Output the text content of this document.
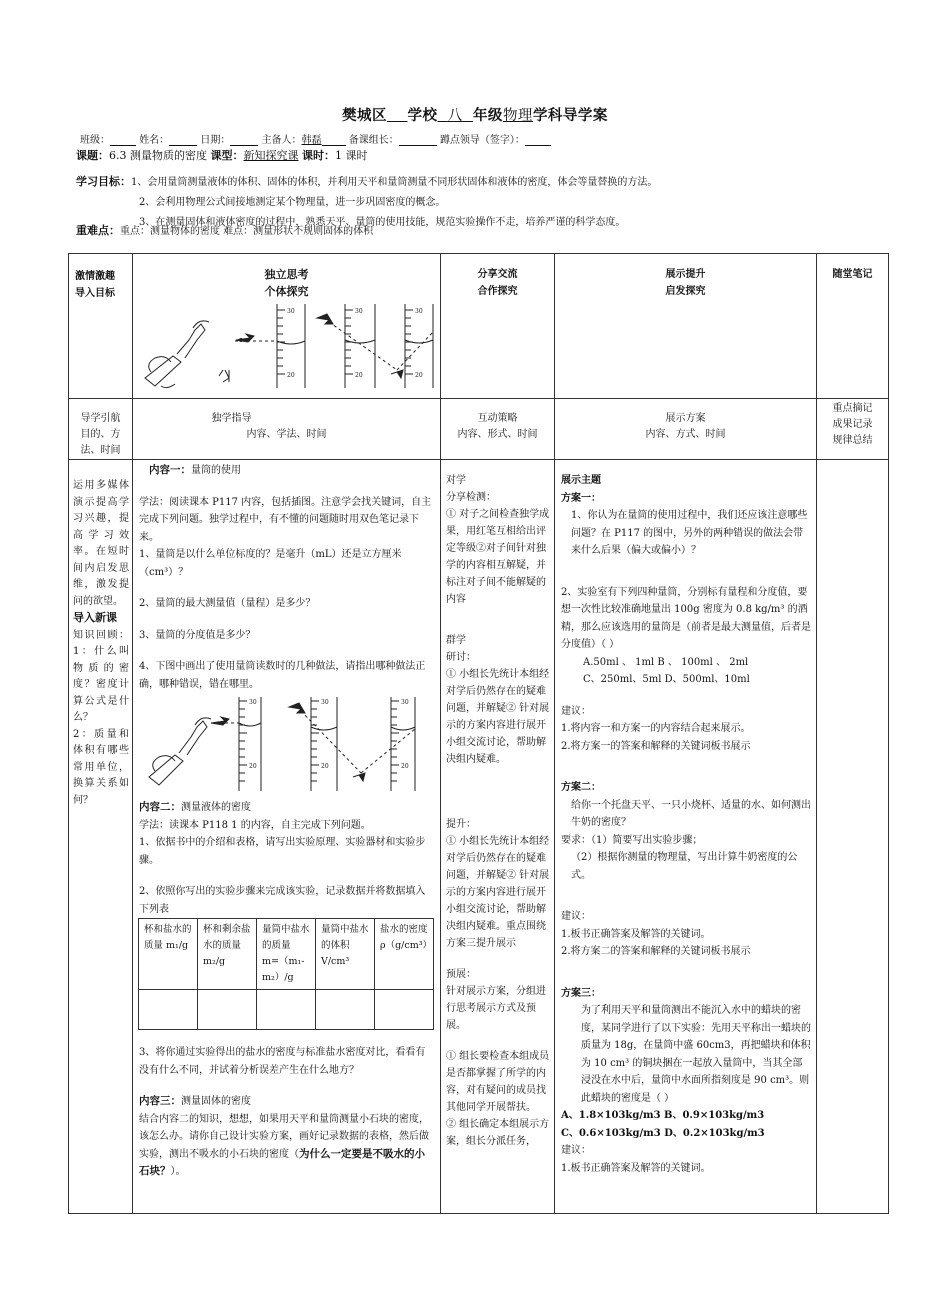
樊城区 学校 八 年级物理学科导学案
班级：	姓名：	日期：	主备人：韩磊	备课组长：	蹲点领导（签字）：
课题：6.3 测量物质的密度 课型：新知探究课 课时：1 课时
学习目标：1、会用量筒测量液体的体积、固体的体积，并利用天平和量筒测量不同形状固体和液体的密度，体会等量替换的方法。
2、会利用物理公式间接地测定某个物理量，进一步巩固密度的概念。
3、在测量固体和液体密度的过程中，熟悉天平、量筒的使用技能，规范实验操作不走，培养严谨的科学态度。
重难点：重点：测量物体的密度 难点：测量形状不规则固体的体积
激情激趣
导入目标

独立思考
个体探究
30
20
30
20
30
20

分享交流
合作探究

展示提升
启发探究

随堂笔记

导学引航
目的、方
法、时间

独学指导
内容、学法、时间

互动策略
内容、形式、时间

展示方案
内容、方式、时间

重点摘记
成果记录
规律总结

运用多媒体演示提高学习兴趣，提高学习效率。在短时间内启发思维，激发提问的欲望。
导入新课
知识回顾：1：什么叫物质的密度？密度计算公式是什么？
2：质量和体积有哪些常用单位，换算关系如何？

内容一：量筒的使用
学法：阅读课本 P117 内容，包括插图。注意学会找关键词，自主完成下列问题。独学过程中，有不懂的问题随时用双色笔记录下来。
1、量筒是以什么单位标度的？是毫升（mL）还是立方厘米（cm³）？
2、量筒的最大测量值（量程）是多少？
3、量筒的分度值是多少？
4、下图中画出了使用量筒读数时的几种做法，请指出哪种做法正确，哪种错误，错在哪里。
30
20
30
20
30
20
内容二：测量液体的密度
学法：读课本 P118 1 的内容，自主完成下列问题。
1、依据书中的介绍和表格，请写出实验原理、实验器材和实验步骤。
2、依照你写出的实验步骤来完成该实验，记录数据并将数据填入下列表
杯和盐水的质量 m₁/g	杯和剩余盐水的质量 m₂/g	量筒中盐水的质量 m=（m₁-m₂）/g	量筒中盐水的体积 V/cm³	盐水的密度 ρ（g/cm³）

3、将你通过实验得出的盐水的密度与标准盐水密度对比，看看有没有什么不同，并试着分析误差产生在什么地方？
内容三：测量固体的密度
结合内容二的知识，想想，如果用天平和量筒测量小石块的密度，该怎么办。请你自己设计实验方案，画好记录数据的表格，然后做实验，测出不吸水的小石块的密度（为什么一定要是不吸水的小石块？）。

对学
分享检测：
① 对子之间检查独学成果，用红笔互相给出评定等级②对子间针对独学的内容相互解疑，并标注对子间不能解疑的内容
群学
研讨：
① 小组长先统计本组经对学后仍然存在的疑难问题，并解疑② 针对展示的方案内容进行展开小组交流讨论，帮助解决组内疑难。
提升：
① 小组长先统计本组经对学后仍然存在的疑难问题，并解疑② 针对展示的方案内容进行展开小组交流讨论，帮助解决组内疑难。重点围绕方案三提升展示
预展：
针对展示方案，分组进行思考展示方式及预展。
① 组长要检查本组成员是否都掌握了所学的内容，对有疑问的成员找其他同学开展帮扶。
② 组长确定本组展示方案，组长分派任务，

展示主题
方案一：
1、你认为在量筒的使用过程中，我们还应该注意哪些问题？在 P117 的图中，另外的两种错误的做法会带来什么后果（偏大或偏小）？
2、实验室有下列四种量筒，分别标有量程和分度值，要想一次性比较准确地量出 100g 密度为 0.8 kg/m³ 的酒精，那么应该选用的量筒是（前者是最大测量值，后者是分度值）（ ）
A.50ml 、 1ml B 、 100ml 、 2ml
C、250ml、5ml D、500ml、10ml
建议：
1.将内容一和方案一的内容结合起来展示。
2.将方案一的答案和解释的关键词板书展示
方案二：
给你一个托盘天平、一只小烧杯、适量的水、如何测出牛奶的密度？
要求：（1）简要写出实验步骤；
（2）根据你测量的物理量，写出计算牛奶密度的公式。
建议：
1.板书正确答案及解答的关键词。
2.将方案二的答案和解释的关键词板书展示
方案三：
为了利用天平和量筒测出不能沉入水中的蜡块的密度，某同学进行了以下实验：先用天平称出一蜡块的质量为 18g，在量筒中盛 60cm3，再把蜡块和体积为 10 cm³ 的铜块捆在一起放入量筒中，当其全部浸没在水中后，量筒中水面所指刻度是 90 cm³。则此蜡块的密度是（ ）
A、1.8×103kg/m3 B、0.9×103kg/m3
C、0.6×103kg/m3 D、0.2×103kg/m3
建议：
1.板书正确答案及解答的关键词。
